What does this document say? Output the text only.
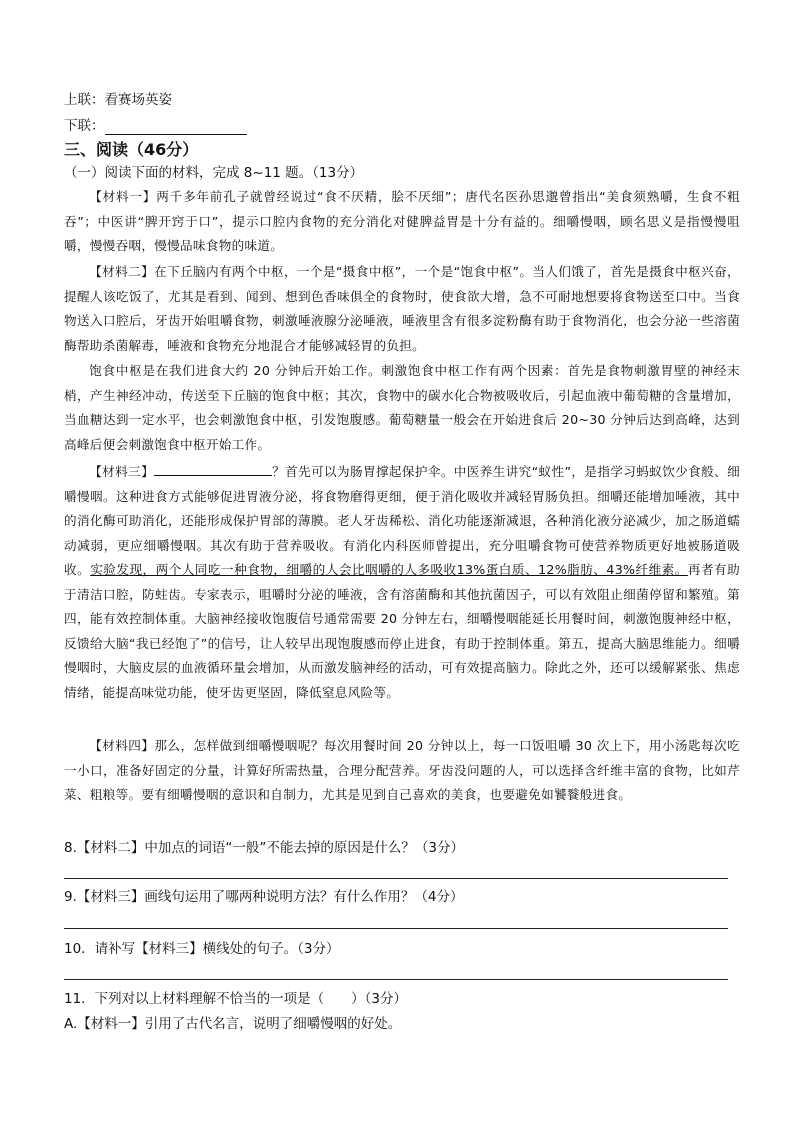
上联：看赛场英姿
下联：
三、阅读（46分）
（一）阅读下面的材料，完成 8~11 题。（13分）
【材料一】两千多年前孔子就曾经说过“食不厌精，脍不厌细”；唐代名医孙思邈曾指出“美食须熟嚼，生食不粗吞”；中医讲“脾开窍于口”，提示口腔内食物的充分消化对健脾益胃是十分有益的。细嚼慢咽，顾名思义是指慢慢咀嚼，慢慢吞咽，慢慢品味食物的味道。
【材料二】在下丘脑内有两个中枢，一个是“摄食中枢”，一个是“饱食中枢”。当人们饿了，首先是摄食中枢兴奋，提醒人该吃饭了，尤其是看到、闻到、想到色香味俱全的食物时，使食欲大增，急不可耐地想要将食物送至口中。当食物送入口腔后，牙齿开始咀嚼食物，刺激唾液腺分泌唾液，唾液里含有很多淀粉酶有助于食物消化，也会分泌一些溶菌酶帮助杀菌解毒，唾液和食物充分地混合才能够减轻胃的负担。
饱食中枢是在我们进食大约 20 分钟后开始工作。刺激饱食中枢工作有两个因素：首先是食物刺激胃壁的神经末梢，产生神经冲动，传送至下丘脑的饱食中枢；其次，食物中的碳水化合物被吸收后，引起血液中葡萄糖的含量增加，当血糖达到一定水平，也会刺激饱食中枢，引发饱腹感。葡萄糖量一般会在开始进食后 20~30 分钟后达到高峰，达到高峰后便会刺激饱食中枢开始工作。
【材料三】	？首先可以为肠胃撑起保护伞。中医养生讲究“蚁性”，是指学习蚂蚁饮少食般、细嚼慢咽。这种进食方式能够促进胃液分泌，将食物磨得更细，便于消化吸收并减轻胃肠负担。细嚼还能增加唾液，其中的消化酶可助消化，还能形成保护胃部的薄膜。老人牙齿稀松、消化功能逐渐减退，各种消化液分泌减少，加之肠道蠕动减弱，更应细嚼慢咽。其次有助于营养吸收。有消化内科医师曾提出，充分咀嚼食物可使营养物质更好地被肠道吸收。实验发现，两个人同吃一种食物，细嚼的人会比咽嚼的人多吸收13%蛋白质、12%脂肪、43%纤维素。再者有助于清洁口腔，防蛀齿。专家表示，咀嚼时分泌的唾液，含有溶菌酶和其他抗菌因子，可以有效阻止细菌停留和繁殖。第四，能有效控制体重。大脑神经接收饱腹信号通常需要 20 分钟左右，细嚼慢咽能延长用餐时间，刺激饱腹神经中枢，反馈给大脑“我已经饱了”的信号，让人较早出现饱腹感而停止进食，有助于控制体重。第五，提高大脑思维能力。细嚼慢咽时，大脑皮层的血液循环量会增加，从而激发脑神经的活动，可有效提高脑力。除此之外，还可以缓解紧张、焦虑情绪，能提高味觉功能，使牙齿更坚固，降低窒息风险等。
【材料四】那么，怎样做到细嚼慢咽呢？每次用餐时间 20 分钟以上，每一口饭咀嚼 30 次上下，用小汤匙每次吃一小口，准备好固定的分量，计算好所需热量，合理分配营养。牙齿没问题的人，可以选择含纤维丰富的食物，比如芹菜、粗粮等。要有细嚼慢咽的意识和自制力，尤其是见到自己喜欢的美食，也要避免如饕餮般进食。
8.【材料二】中加点的词语“一般”不能去掉的原因是什么？（3分）
9.【材料三】画线句运用了哪两种说明方法？有什么作用？（4分）
10．请补写【材料三】横线处的句子。（3分）
11．下列对以上材料理解不恰当的一项是（　　）（3分）
A.【材料一】引用了古代名言，说明了细嚼慢咽的好处。
